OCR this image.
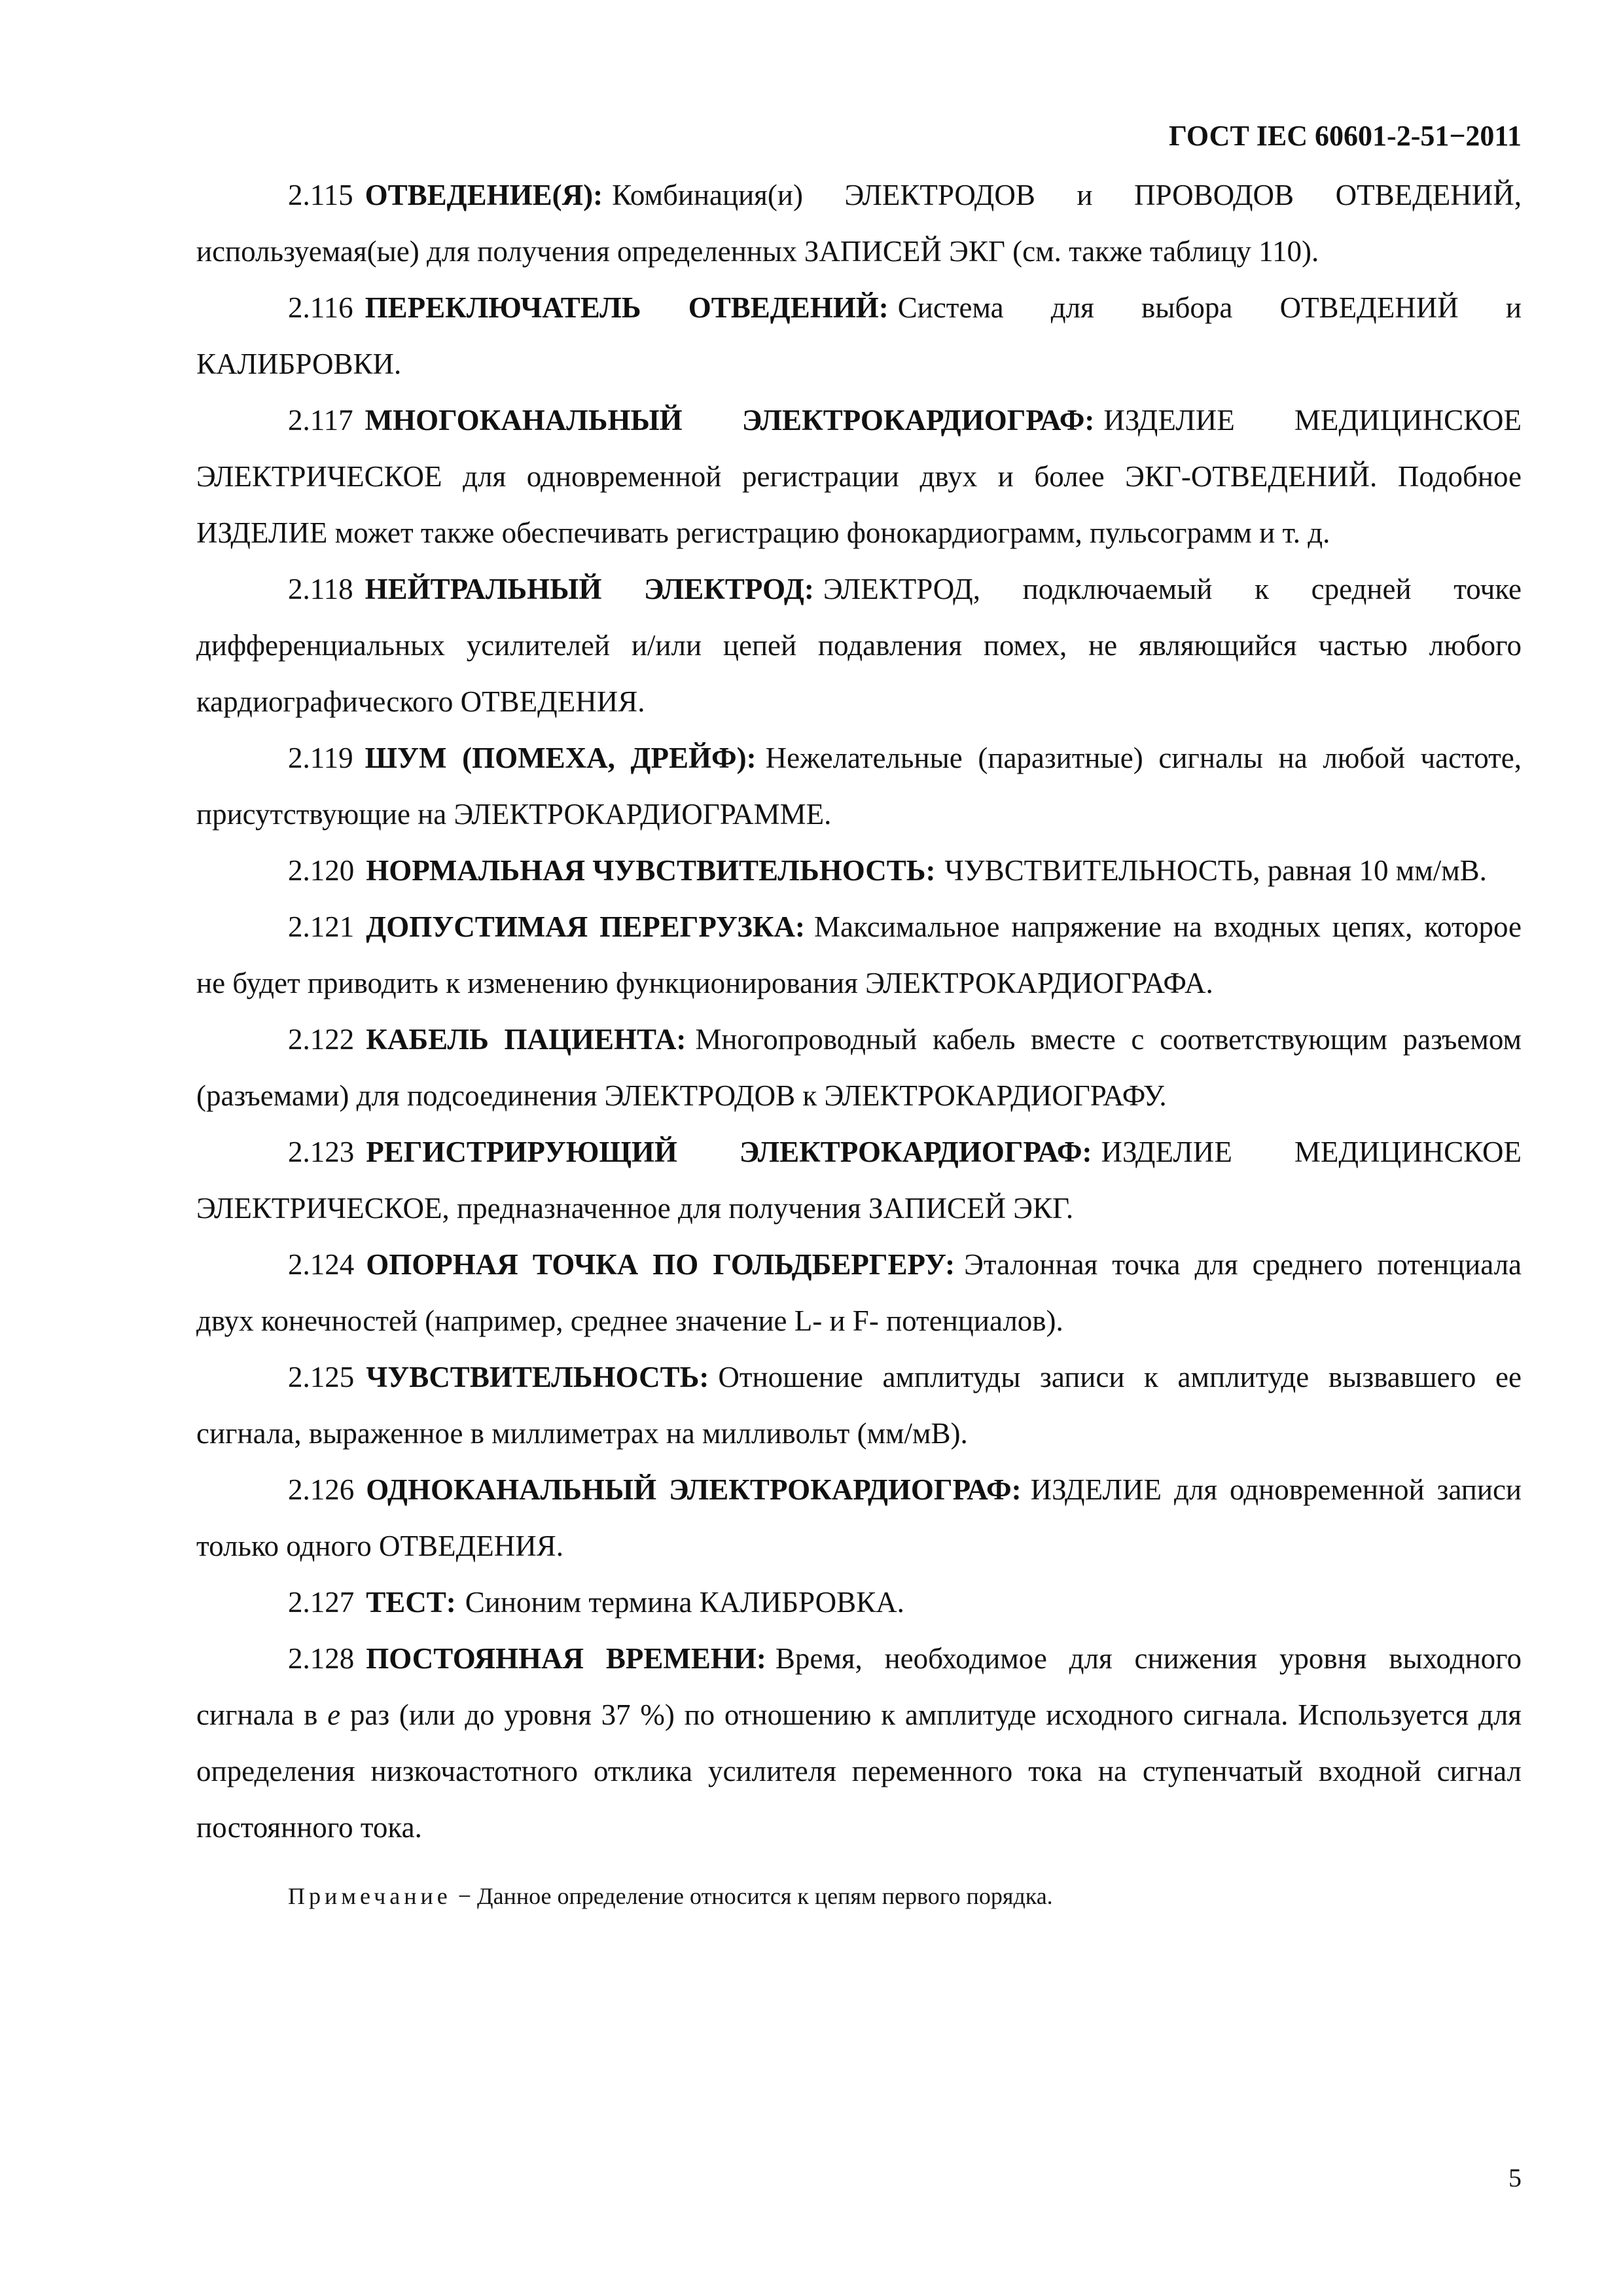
ГОСТ IEC 60601-2-51−2011

2.115 ОТВЕДЕНИЕ(Я): Комбинация(и) ЭЛЕКТРОДОВ и ПРОВОДОВ ОТВЕДЕНИЙ, используемая(ые) для получения определенных ЗАПИСЕЙ ЭКГ (см. также таблицу 110).

2.116 ПЕРЕКЛЮЧАТЕЛЬ ОТВЕДЕНИЙ: Система для выбора ОТВЕДЕНИЙ и КАЛИБРОВКИ.

2.117 МНОГОКАНАЛЬНЫЙ ЭЛЕКТРОКАРДИОГРАФ: ИЗДЕЛИЕ МЕДИЦИНСКОЕ ЭЛЕКТРИЧЕСКОЕ для одновременной регистрации двух и более ЭКГ-ОТВЕДЕНИЙ. Подобное ИЗДЕЛИЕ может также обеспечивать регистрацию фонокардиограмм, пульсограмм и т. д.

2.118 НЕЙТРАЛЬНЫЙ ЭЛЕКТРОД: ЭЛЕКТРОД, подключаемый к средней точке дифференциальных усилителей и/или цепей подавления помех, не являющийся частью любого кардиографического ОТВЕДЕНИЯ.

2.119 ШУМ (ПОМЕХА, ДРЕЙФ): Нежелательные (паразитные) сигналы на любой частоте, присутствующие на ЭЛЕКТРОКАРДИОГРАММЕ.

2.120 НОРМАЛЬНАЯ ЧУВСТВИТЕЛЬНОСТЬ: ЧУВСТВИТЕЛЬНОСТЬ, равная 10 мм/мВ.

2.121 ДОПУСТИМАЯ ПЕРЕГРУЗКА: Максимальное напряжение на входных цепях, которое не будет приводить к изменению функционирования ЭЛЕКТРОКАРДИОГРАФА.

2.122 КАБЕЛЬ ПАЦИЕНТА: Многопроводный кабель вместе с соответствующим разъемом (разъемами) для подсоединения ЭЛЕКТРОДОВ к ЭЛЕКТРОКАРДИОГРАФУ.

2.123 РЕГИСТРИРУЮЩИЙ ЭЛЕКТРОКАРДИОГРАФ: ИЗДЕЛИЕ МЕДИЦИНСКОЕ ЭЛЕКТРИЧЕСКОЕ, предназначенное для получения ЗАПИСЕЙ ЭКГ.

2.124 ОПОРНАЯ ТОЧКА ПО ГОЛЬДБЕРГЕРУ: Эталонная точка для среднего потенциала двух конечностей (например, среднее значение L- и F- потенциалов).

2.125 ЧУВСТВИТЕЛЬНОСТЬ: Отношение амплитуды записи к амплитуде вызвавшего ее сигнала, выраженное в миллиметрах на милливольт (мм/мВ).

2.126 ОДНОКАНАЛЬНЫЙ ЭЛЕКТРОКАРДИОГРАФ: ИЗДЕЛИЕ для одновременной записи только одного ОТВЕДЕНИЯ.

2.127 ТЕСТ: Синоним термина КАЛИБРОВКА.

2.128 ПОСТОЯННАЯ ВРЕМЕНИ: Время, необходимое для снижения уровня выходного сигнала в e раз (или до уровня 37 %) по отношению к амплитуде исходного сигнала. Используется для определения низкочастотного отклика усилителя переменного тока на ступенчатый входной сигнал постоянного тока.

Примечание − Данное определение относится к цепям первого порядка.

5
